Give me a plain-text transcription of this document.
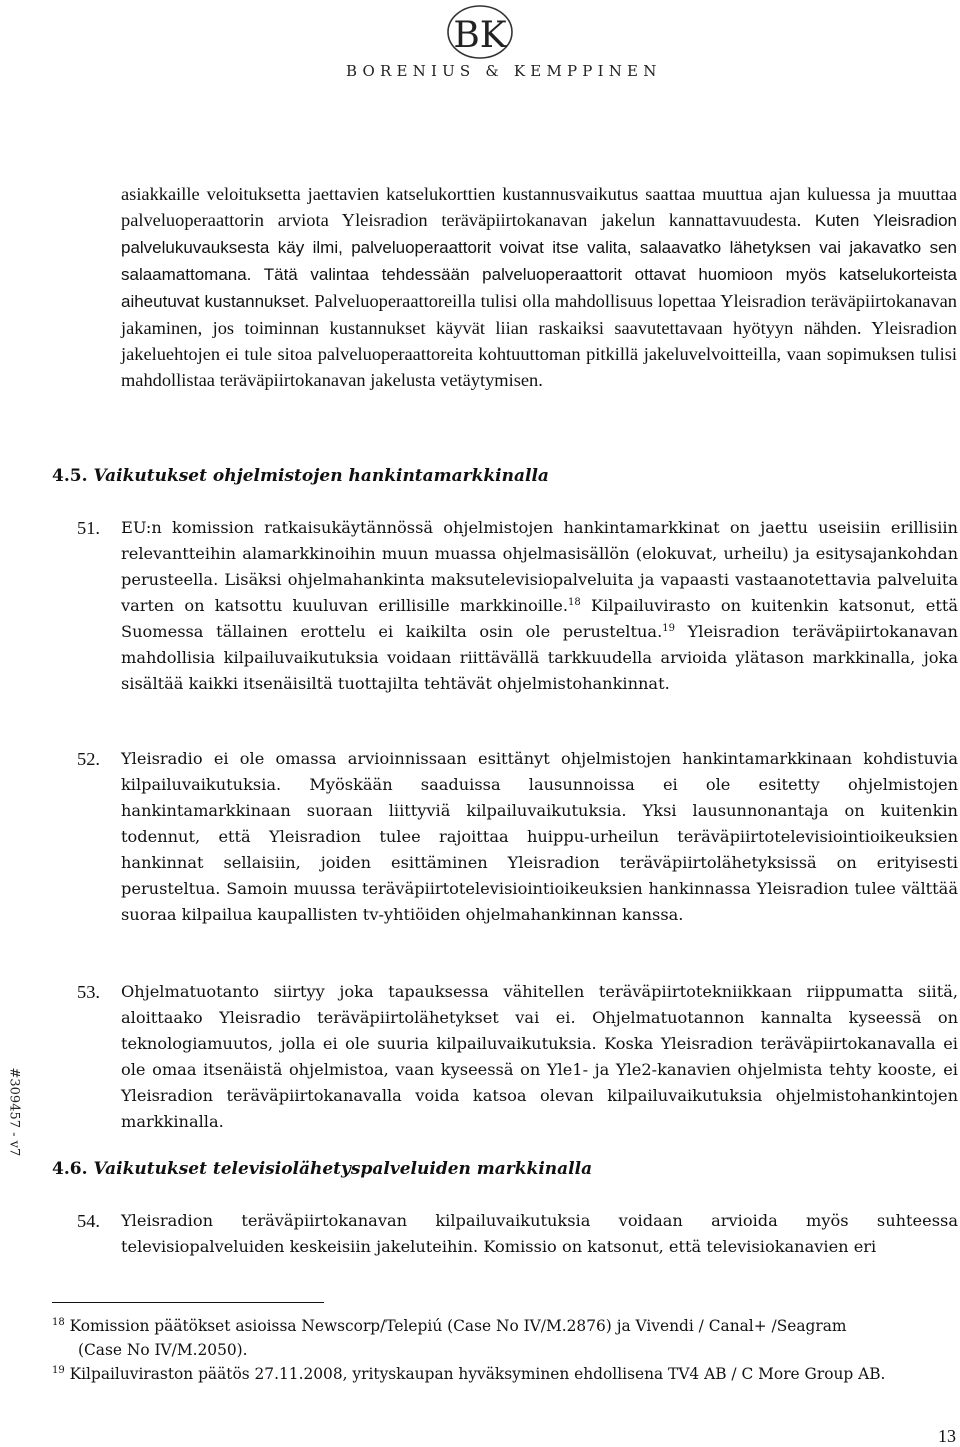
BK
BORENIUS & KEMPPINEN
#309457 - v7

asiakkaille veloituksetta jaettavien katselukorttien kustannusvaikutus saattaa muuttua ajan kuluessa ja muuttaa palveluoperaattorin arviota Yleisradion teräväpiirtokanavan jakelun kannattavuudesta. Kuten Yleisradion palvelukuvauksesta käy ilmi, palveluoperaattorit voivat itse valita, salaavatko lähetyksen vai jakavatko sen salaamattomana. Tätä valintaa tehdessään palveluoperaattorit ottavat huomioon myös katselukorteista aiheutuvat kustannukset. Palveluoperaattoreilla tulisi olla mahdollisuus lopettaa Yleisradion teräväpiirtokanavan jakaminen, jos toiminnan kustannukset käyvät liian raskaiksi saavutettavaan hyötyyn nähden. Yleisradion jakeluehtojen ei tule sitoa palveluoperaattoreita kohtuuttoman pitkillä jakeluvelvoitteilla, vaan sopimuksen tulisi mahdollistaa teräväpiirtokanavan jakelusta vetäytymisen.

4.5. Vaikutukset ohjelmistojen hankintamarkkinalla
51. EU:n komission ratkaisukäytännössä ohjelmistojen hankintamarkkinat on jaettu useisiin erillisiin relevantteihin alamarkkinoihin muun muassa ohjelmasisällön (elokuvat, urheilu) ja esitysajankohdan perusteella. Lisäksi ohjelmahankinta maksutelevisiopalveluita ja vapaasti vastaanotettavia palveluita varten on katsottu kuuluvan erillisille markkinoille.$^{18}$ Kilpailuvirasto on kuitenkin katsonut, että Suomessa tällainen erottelu ei kaikilta osin ole perusteltua.$^{19}$ Yleisradion teräväpiirtokanavan mahdollisia kilpailuvaikutuksia voidaan riittävällä tarkkuudella arvioida ylätason markkinalla, joka sisältää kaikki itsenäisiltä tuottajilta tehtävät ohjelmistohankinnat.

52. Yleisradio ei ole omassa arvioinnissaan esittänyt ohjelmistojen hankintamarkkinaan kohdistuvia kilpailuvaikutuksia. Myöskään saaduissa lausunnoissa ei ole esitetty ohjelmistojen hankintamarkkinaan suoraan liittyviä kilpailuvaikutuksia. Yksi lausunnonantaja on kuitenkin todennut, että Yleisradion tulee rajoittaa huippu-urheilun teräväpiirtotelevisiointioikeuksien hankinnat sellaisiin, joiden esittäminen Yleisradion teräväpiirtolähetyksissä on erityisesti perusteltua. Samoin muussa teräväpiirtotelevisiointioikeuksien hankinnassa Yleisradion tulee välttää suoraa kilpailua kaupallisten tv-yhtiöiden ohjelmahankinnan kanssa.

53. Ohjelmatuotanto siirtyy joka tapauksessa vähitellen teräväpiirtotekniikkaan riippumatta siitä, aloittaako Yleisradio teräväpiirtolähetykset vai ei. Ohjelmatuotannon kannalta kyseessä on teknologiamuutos, jolla ei ole suuria kilpailuvaikutuksia. Koska Yleisradion teräväpiirtokanavalla ei ole omaa itsenäistä ohjelmistoa, vaan kyseessä on Yle1- ja Yle2-kanavien ohjelmista tehty kooste, ei Yleisradion teräväpiirtokanavalla voida katsoa olevan kilpailuvaikutuksia ohjelmistohankintojen markkinalla.

4.6. Vaikutukset televisiolähetyspalveluiden markkinalla
54. Yleisradion teräväpiirtokanavan kilpailuvaikutuksia voidaan arvioida myös suhteessa televisiopalveluiden keskeisiin jakeluteihin. Komissio on katsonut, että televisiokanavien eri

$^{18}$ Komission päätökset asioissa Newscorp/Telepiú (Case No IV/M.2876) ja Vivendi / Canal+ /Seagram
(Case No IV/M.2050).

$^{19}$ Kilpailuviraston päätös 27.11.2008, yrityskaupan hyväksyminen ehdollisena TV4 AB / C More Group AB.

13
